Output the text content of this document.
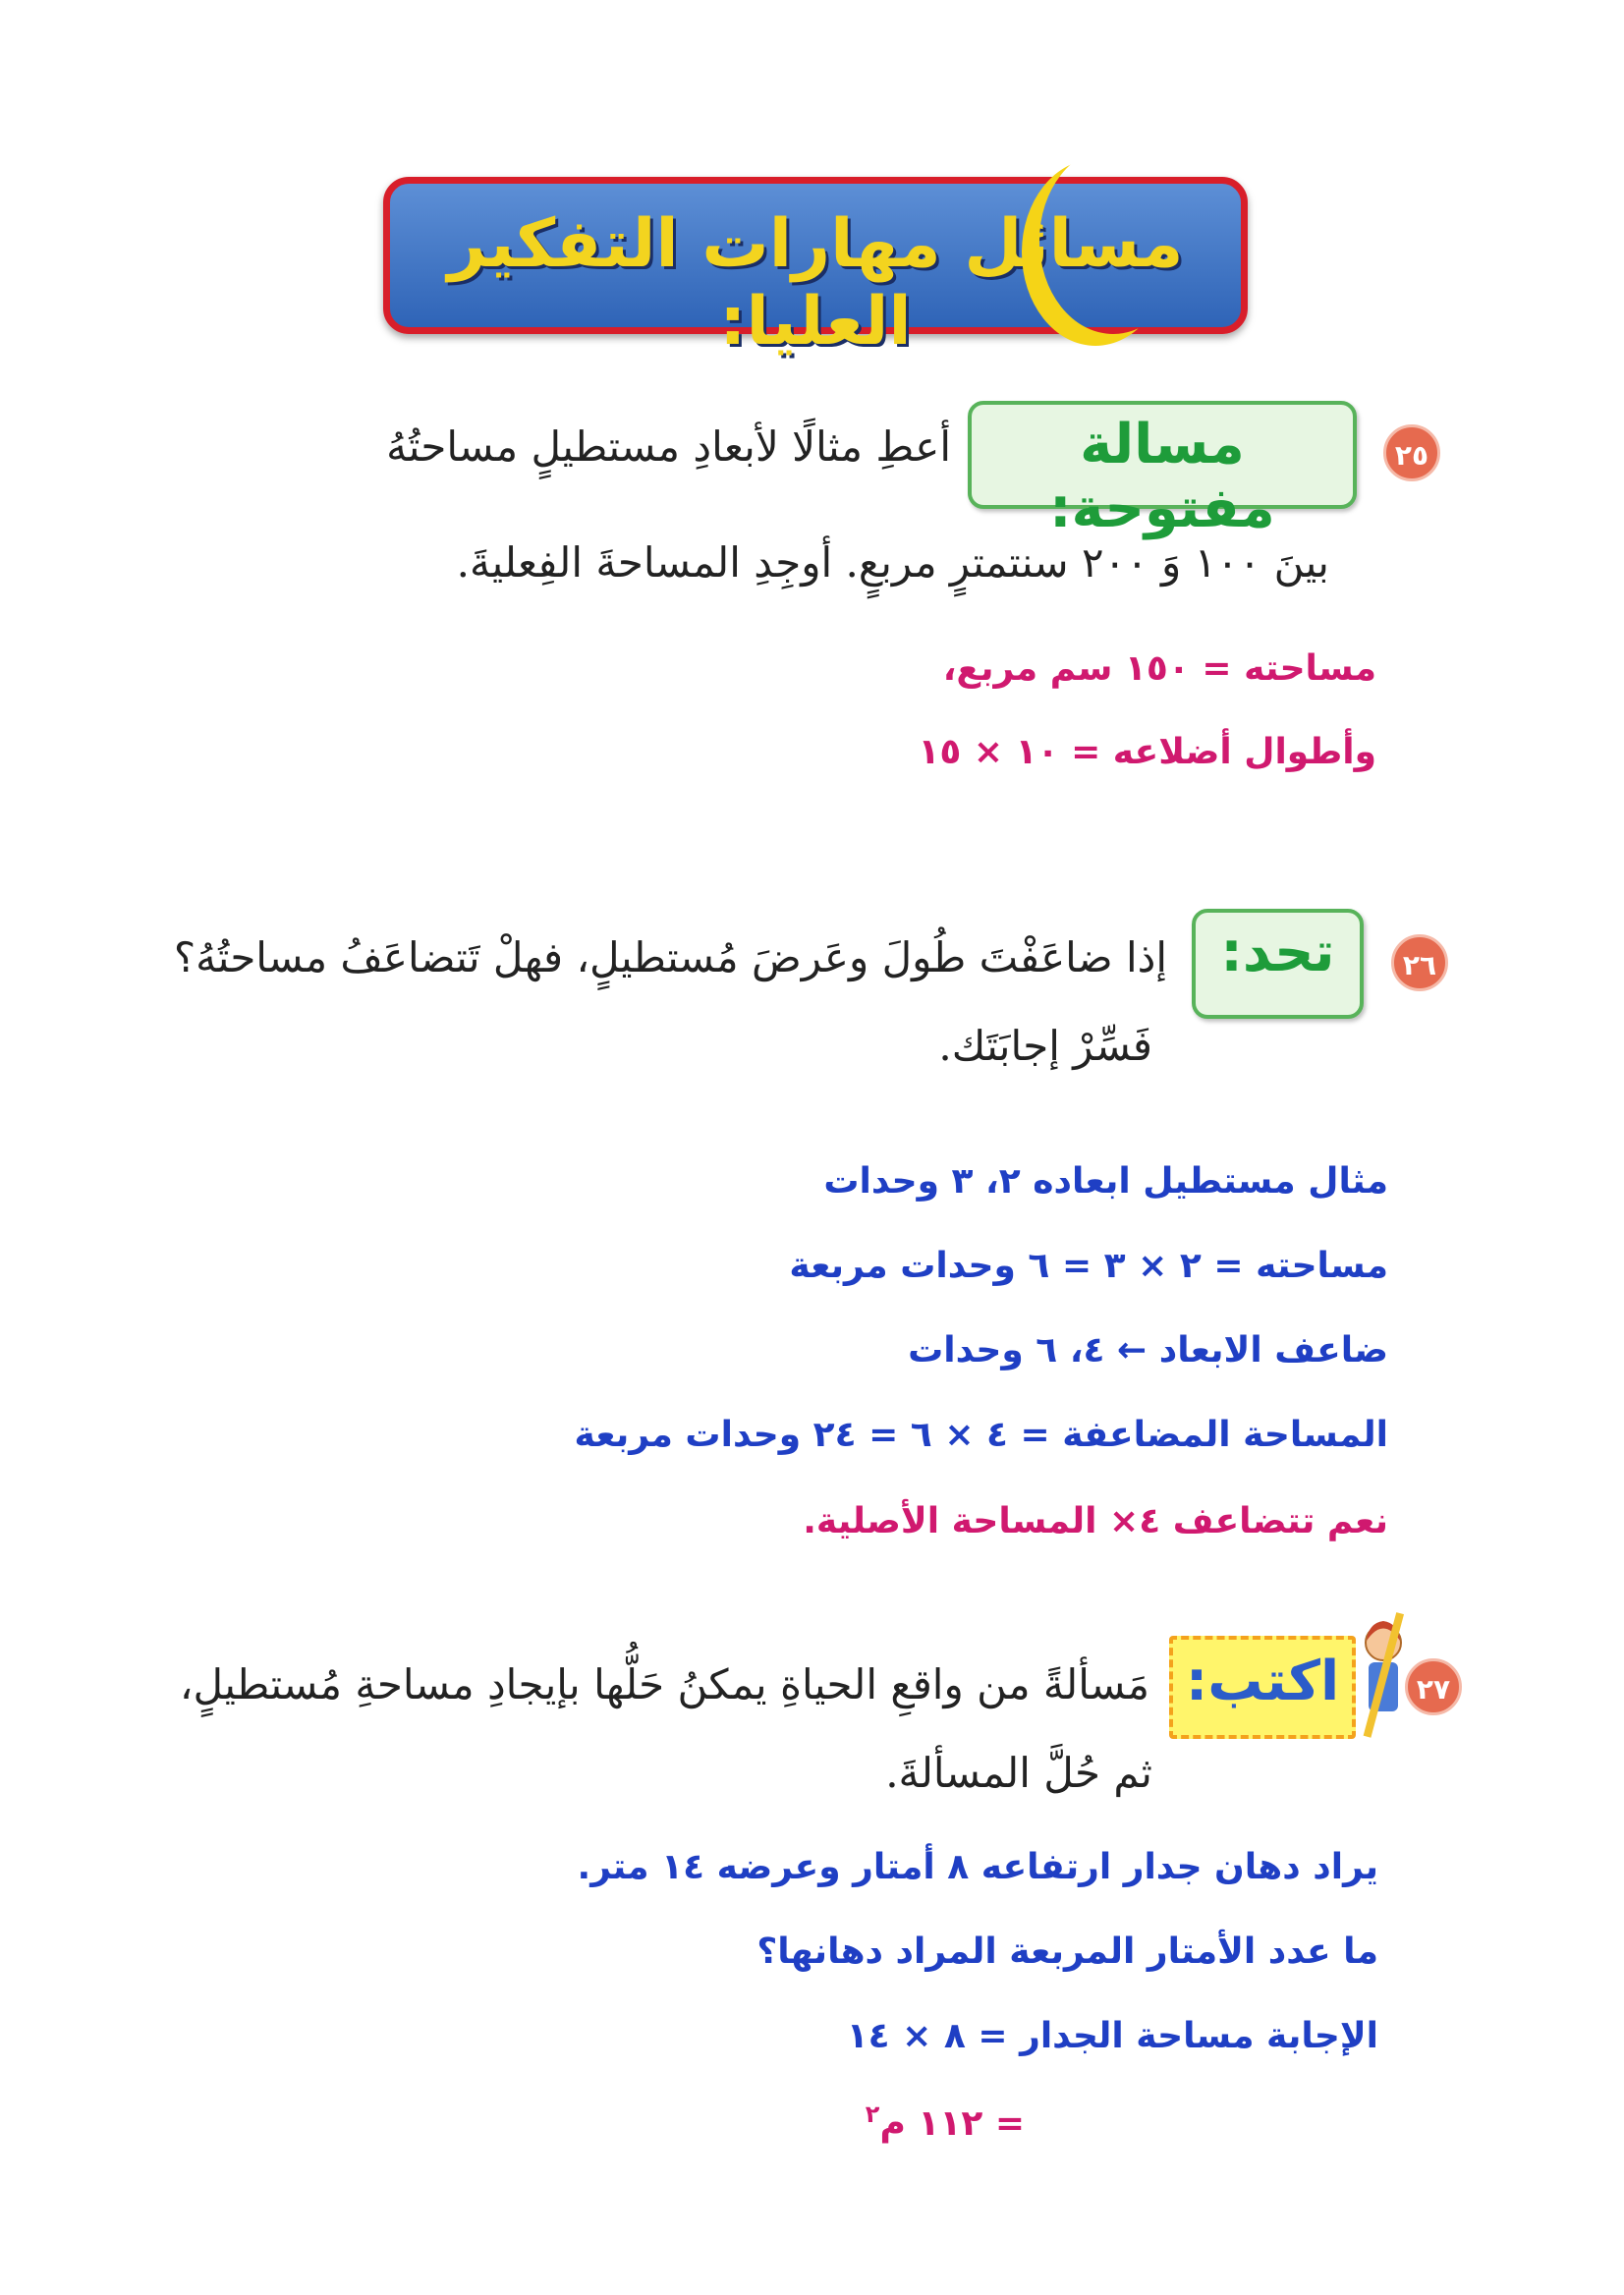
مسائل مهارات التفكير العليا:
٢٥
مسالة مفتوحة:
أعطِ مثالًا لأبعادِ مستطيلٍ مساحتُهُ
بينَ ١٠٠ وَ ٢٠٠ سنتمترٍ مربعٍ. أوجِدِ المساحةَ الفِعليةَ.
مساحته = ١٥٠ سم مربع،
وأطوال أضلاعه = ١٠ × ١٥
٢٦
تحد:
إذا ضاعَفْتَ طُولَ وعَرضَ مُستطيلٍ، فهلْ تَتضاعَفُ مساحتُهُ؟
فَسِّرْ إجابَتَك.
مثال مستطيل ابعاده ٢، ٣ وحدات
مساحته = ٢ × ٣ = ٦ وحدات مربعة
ضاعف الابعاد ← ٤، ٦ وحدات
المساحة المضاعفة = ٤ × ٦ = ٢٤ وحدات مربعة
نعم تتضاعف ٤× المساحة الأصلية.
٢٧
اكتب:
مَسألةً من واقعِ الحياةِ يمكنُ حَلُّها بإيجادِ مساحةِ مُستطيلٍ،
ثم حُلَّ المسألةَ.
يراد دهان جدار ارتفاعه ٨ أمتار وعرضه ١٤ متر.
ما عدد الأمتار المربعة المراد دهانها؟
الإجابة مساحة الجدار = ٨ × ١٤
= ١١٢ م$^٢$
